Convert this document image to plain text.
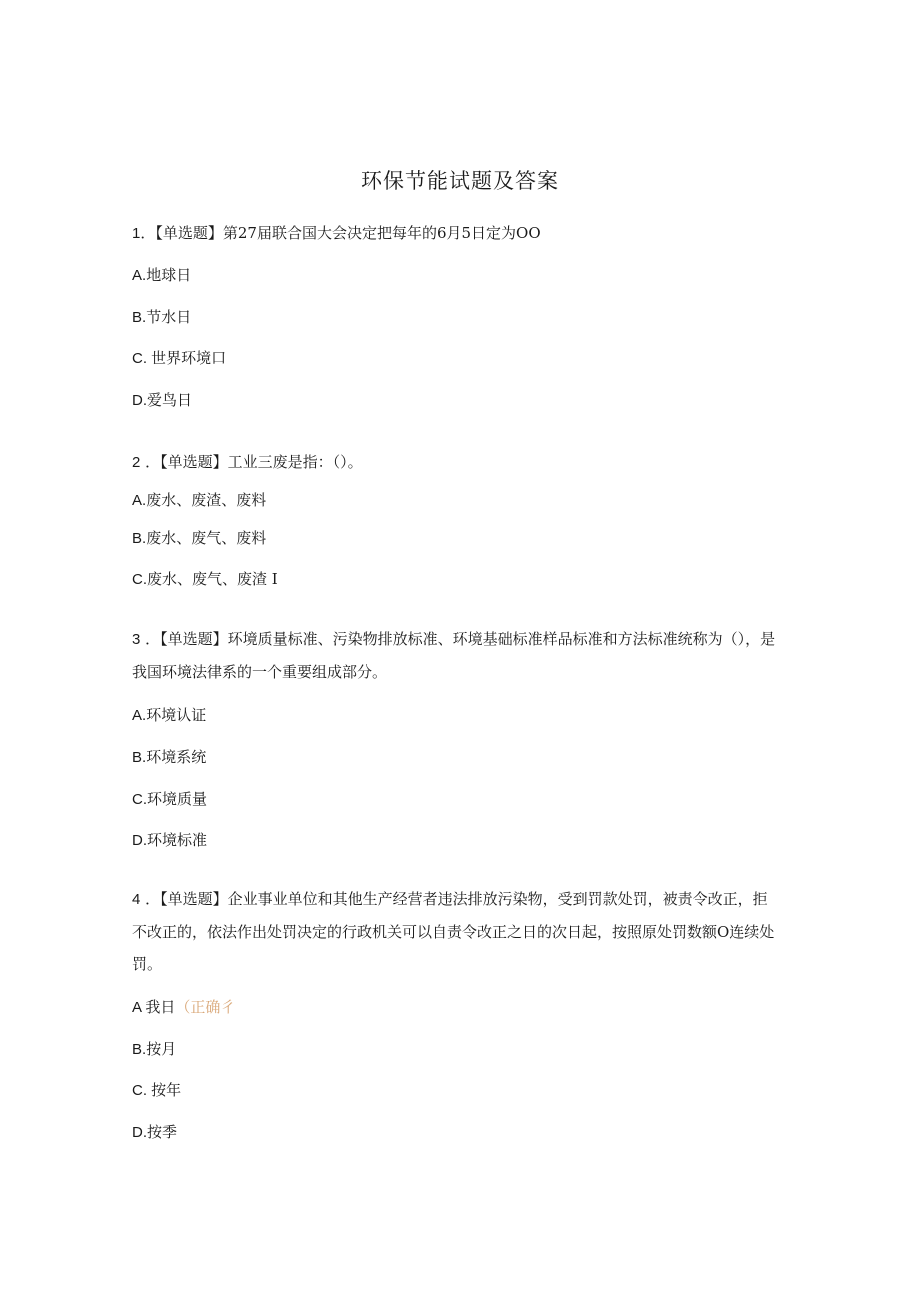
环保节能试题及答案

1．【单选题】第27届联合国大会决定把每年的6月5日定为OO

A.地球日

B.节水日

C. 世界环境口

D.爱鸟日

2 ．【单选题】工业三废是指：（）。

A.废水、废渣、废料

B.废水、废气、废料

C.废水、废气、废渣 I

3 ．【单选题】环境质量标准、污染物排放标准、环境基础标准样品标准和方法标准统称为（），是我国环境法律系的一个重要组成部分。

A.环境认证

B.环境系统

C.环境质量

D.环境标准

4 ．【单选题】企业事业单位和其他生产经营者违法排放污染物，受到罚款处罚，被责令改正，拒不改正的，依法作出处罚决定的行政机关可以自责令改正之日的次日起，按照原处罚数额O连续处罚。

A 我日（正确彳

B.按月

C. 按年

D.按季
